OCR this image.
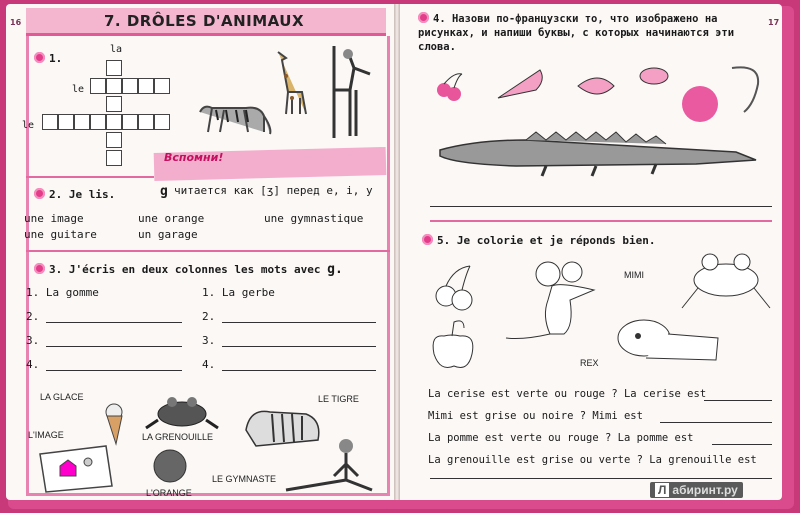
16	7. DRÔLES D'ANIMAUX
1.
la
le
le
Вспомни!
g читается как [ʒ] перед e, i, y
2. Je lis.
une image	une orange	une gymnastique
une guitare	un garage
3. J'écris en deux colonnes les mots avec g.
1. La gomme
2.
3.
4.
1. La gerbe
2.
3.
4.
LA GLACE
L'IMAGE	LA GRENOUILLE
L'ORANGE
LE TIGRE
LE GYMNASTE
17
4. Назови по-французски то, что изображено на рисунках, и напиши буквы, с которых начинаются эти слова.
5. Je colorie et je réponds bien.
MIMI
REX
La cerise est verte ou rouge ? La cerise est
Mimi est grise ou noire ? Mimi est
La pomme est verte ou rouge ? La pomme est
La grenouille est grise ou verte ? La grenouille est
Л абиринт.ру
